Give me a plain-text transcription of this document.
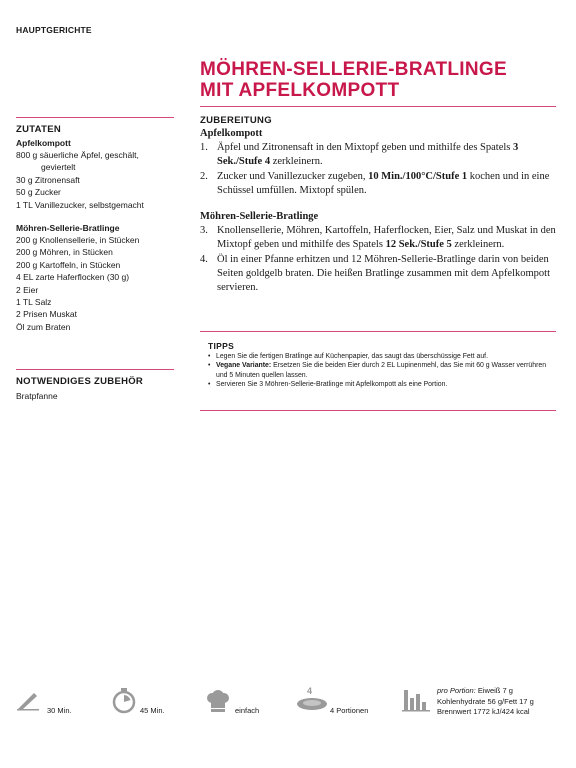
HAUPTGERICHTE
MÖHREN-SELLERIE-BRATLINGE
MIT APFELKOMPOTT
ZUTATEN
Apfelkompott
800 g säuerliche Äpfel, geschält,
geviertelt
30 g Zitronensaft
50 g Zucker
1 TL Vanillezucker, selbstgemacht
Möhren-Sellerie-Bratlinge
200 g Knollensellerie, in Stücken
200 g Möhren, in Stücken
200 g Kartoffeln, in Stücken
4 EL zarte Haferflocken (30 g)
2 Eier
1 TL Salz
2 Prisen Muskat
Öl zum Braten
NOTWENDIGES ZUBEHÖR
Bratpfanne
ZUBEREITUNG
Apfelkompott
1. Äpfel und Zitronensaft in den Mixtopf geben und mithilfe des Spatels 3 Sek./Stufe 4 zerkleinern.
2. Zucker und Vanillezucker zugeben, 10 Min./100°C/Stufe 1 kochen und in eine Schüssel umfüllen. Mixtopf spülen.
Möhren-Sellerie-Bratlinge
3. Knollensellerie, Möhren, Kartoffeln, Haferflocken, Eier, Salz und Muskat in den Mixtopf geben und mithilfe des Spatels 12 Sek./Stufe 5 zerkleinern.
4. Öl in einer Pfanne erhitzen und 12 Möhren-Sellerie-Bratlinge darin von beiden Seiten goldgelb braten. Die heißen Bratlinge zusammen mit dem Apfelkompott servieren.
TIPPS
• Legen Sie die fertigen Bratlinge auf Küchenpapier, das saugt das überschüssige Fett auf.
• Vegane Variante: Ersetzen Sie die beiden Eier durch 2 EL Lupinenmehl, das Sie mit 60 g Wasser verrühren und 5 Minuten quellen lassen.
• Servieren Sie 3 Möhren-Sellerie-Bratlinge mit Apfelkompott als eine Portion.
30 Min.	45 Min.	einfach
4
4 Portionen
pro Portion: Eiweiß 7 g
Kohlenhydrate 56 g/Fett 17 g
Brennwert 1772 kJ/424 kcal
